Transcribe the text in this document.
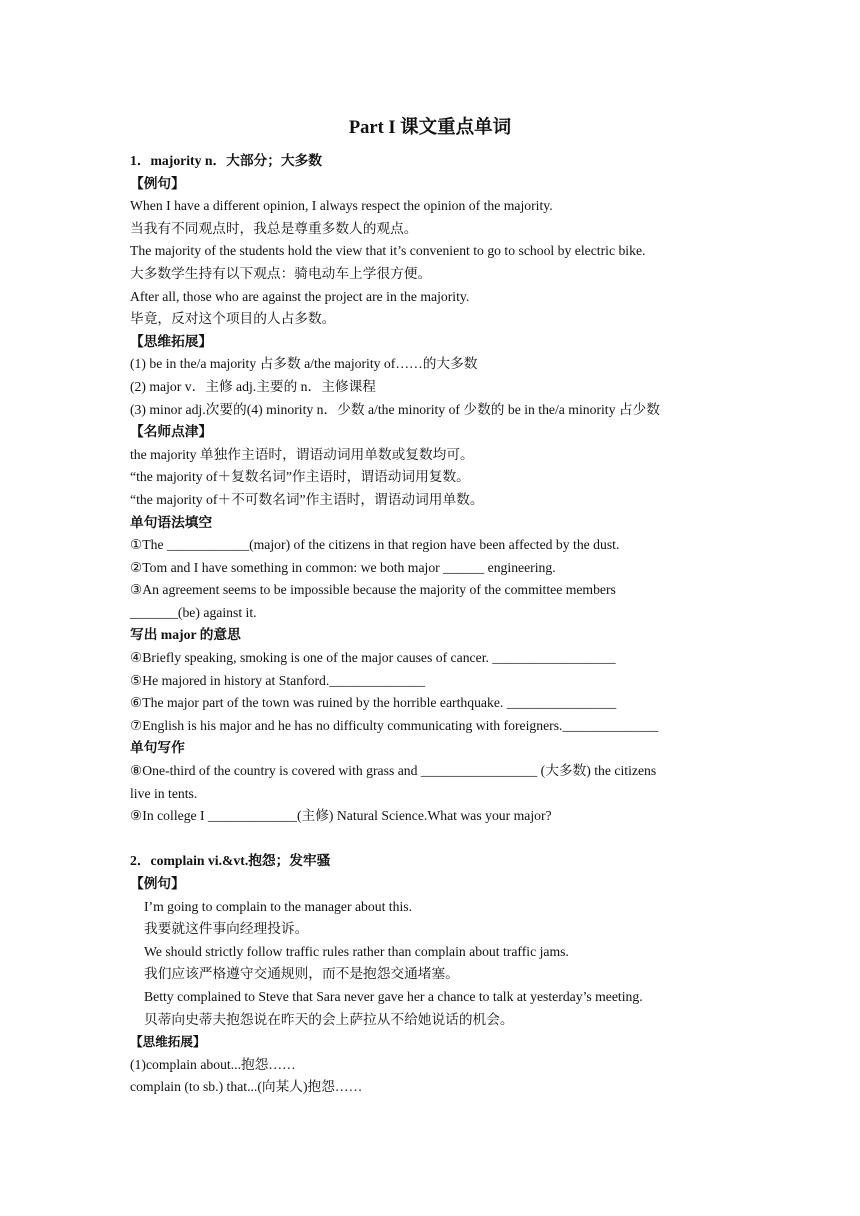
Part I 课文重点单词
1．majority n．大部分；大多数
【例句】
When I have a different opinion, I always respect the opinion of the majority.
当我有不同观点时，我总是尊重多数人的观点。
The majority of the students hold the view that it’s convenient to go to school by electric bike.
大多数学生持有以下观点：骑电动车上学很方便。
After all, those who are against the project are in the majority.
毕竟，反对这个项目的人占多数。
【思维拓展】
(1) be in the/a majority 占多数 a/the majority of……的大多数
(2) major v．主修 adj.主要的 n．主修课程
(3) minor adj.次要的(4) minority n．少数 a/the minority of 少数的 be in the/a minority 占少数
【名师点津】
the majority 单独作主语时，谓语动词用单数或复数均可。
“the majority of＋复数名词”作主语时，谓语动词用复数。
“the majority of＋不可数名词”作主语时，谓语动词用单数。
单句语法填空
①The ____________(major) of the citizens in that region have been affected by the dust.
②Tom and I have something in common: we both major ______ engineering.
③An agreement seems to be impossible because the majority of the committee members
_______(be) against it.
写出 major 的意思
④Briefly speaking, smoking is one of the major causes of cancer. __________________
⑤He majored in history at Stanford.______________
⑥The major part of the town was ruined by the horrible earthquake. ________________
⑦English is his major and he has no difficulty communicating with foreigners.______________
单句写作
⑧One-third of the country is covered with grass and _________________ (大多数) the citizens
live in tents.
⑨In college I _____________(主修) Natural Science.What was your major?
2．complain vi.&vt.抱怨；发牢骚
【例句】
I’m going to complain to the manager about this.
我要就这件事向经理投诉。
We should strictly follow traffic rules rather than complain about traffic jams.
我们应该严格遵守交通规则，而不是抱怨交通堵塞。
Betty complained to Steve that Sara never gave her a chance to talk at yesterday’s meeting.
贝蒂向史蒂夫抱怨说在昨天的会上萨拉从不给她说话的机会。
【思维拓展】
(1)complain about...抱怨……
complain (to sb.) that...(向某人)抱怨……
